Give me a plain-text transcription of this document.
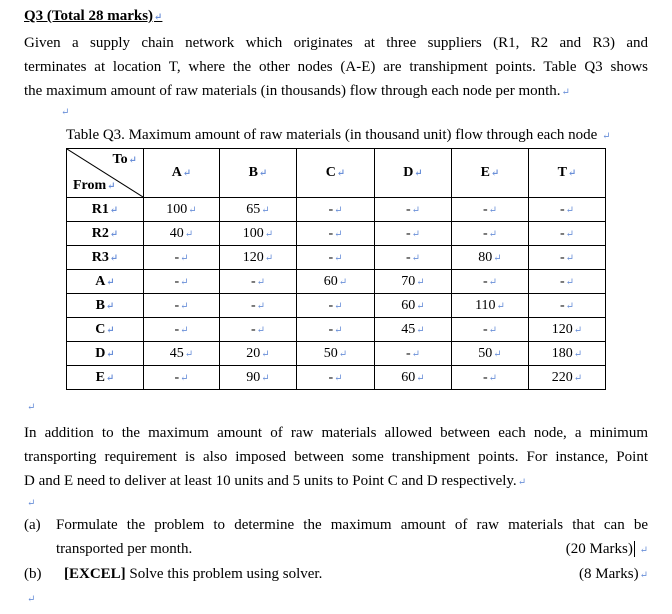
Q3 (Total 28 marks)↵
Given a supply chain network which originates at three suppliers (R1, R2 and R3) and
terminates at location T, where the other nodes (A-E) are transhipment points. Table Q3 shows
the maximum amount of raw materials (in thousands) flow through each node per month.↵
↵
Table Q3. Maximum amount of raw materials (in thousand unit) flow through each node ↵
To↵
From↵	A↵	B↵	C↵	D↵	E↵	T↵
R1↵	100↵	65↵	-↵	-↵	-↵	-↵
R2↵	40↵	100↵	-↵	-↵	-↵	-↵
R3↵	-↵	120↵	-↵	-↵	80↵	-↵
A↵	-↵	-↵	60↵	70↵	-↵	-↵
B↵	-↵	-↵	-↵	60↵	110↵	-↵
C↵	-↵	-↵	-↵	45↵	-↵	120↵
D↵	45↵	20↵	50↵	-↵	50↵	180↵
E↵	-↵	90↵	-↵	60↵	-↵	220↵
↵
In addition to the maximum amount of raw materials allowed between each node, a minimum
transporting requirement is also imposed between some transhipment points. For instance, Point
D and E need to deliver at least 10 units and 5 units to Point C and D respectively.↵
↵
(a) Formulate the problem to determine the maximum amount of raw materials that can be
transported per month.	(20 Marks) ↵
(b) [EXCEL] Solve this problem using solver.	(8 Marks)↵
↵
